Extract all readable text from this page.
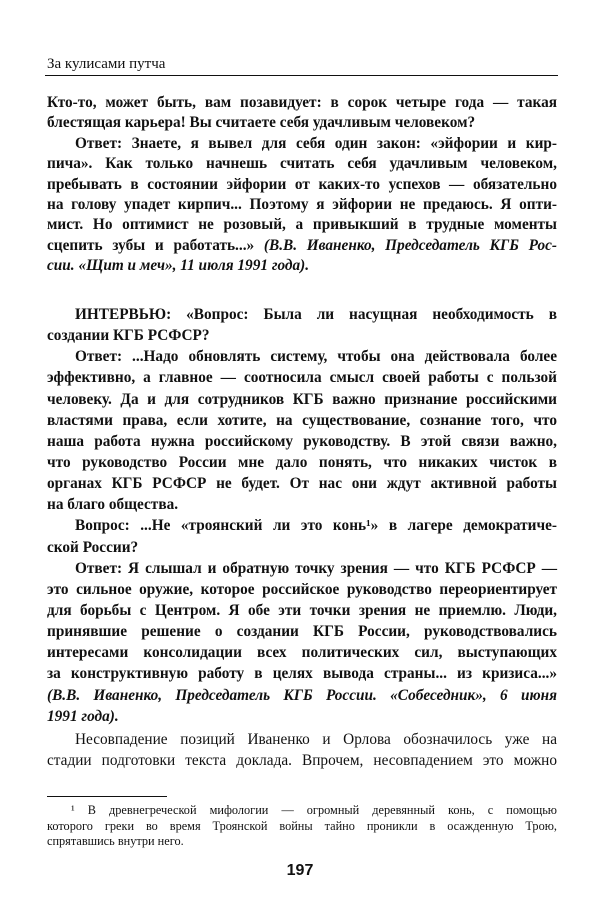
За кулисами путча
Кто-то, может быть, вам позавидует: в сорок четыре года — такая
блестящая карьера! Вы считаете себя удачливым человеком?
Ответ: Знаете, я вывел для себя один закон: «эйфории и кир-
пича». Как только начнешь считать себя удачливым человеком,
пребывать в состоянии эйфории от каких-то успехов — обязательно
на голову упадет кирпич... Поэтому я эйфории не предаюсь. Я опти-
мист. Но оптимист не розовый, а привыкший в трудные моменты
сцепить зубы и работать...» (В.В. Иваненко, Председатель КГБ Рос-
сии. «Щит и меч», 11 июля 1991 года).
ИНТЕРВЬЮ: «Вопрос: Была ли насущная необходимость в
создании КГБ РСФСР?
Ответ: ...Надо обновлять систему, чтобы она действовала более
эффективно, а главное — соотносила смысл своей работы с пользой
человеку. Да и для сотрудников КГБ важно признание российскими
властями права, если хотите, на существование, сознание того, что
наша работа нужна российскому руководству. В этой связи важно,
что руководство России мне дало понять, что никаких чисток в
органах КГБ РСФСР не будет. От нас они ждут активной работы
на благо общества.
Вопрос: ...Не «троянский ли это конь¹» в лагере демократиче-
ской России?
Ответ: Я слышал и обратную точку зрения — что КГБ РСФСР —
это сильное оружие, которое российское руководство переориентирует
для борьбы с Центром. Я обе эти точки зрения не приемлю. Люди,
принявшие решение о создании КГБ России, руководствовались
интересами консолидации всех политических сил, выступающих
за конструктивную работу в целях вывода страны... из кризиса...»
(В.В. Иваненко, Председатель КГБ России. «Собеседник», 6 июня
1991 года).
Несовпадение позиций Иваненко и Орлова обозначилось уже на
стадии подготовки текста доклада. Впрочем, несовпадением это можно
¹ В древнегреческой мифологии — огромный деревянный конь, с помощью
которого греки во время Троянской войны тайно проникли в осажденную Трою,
спрятавшись внутри него.
197
